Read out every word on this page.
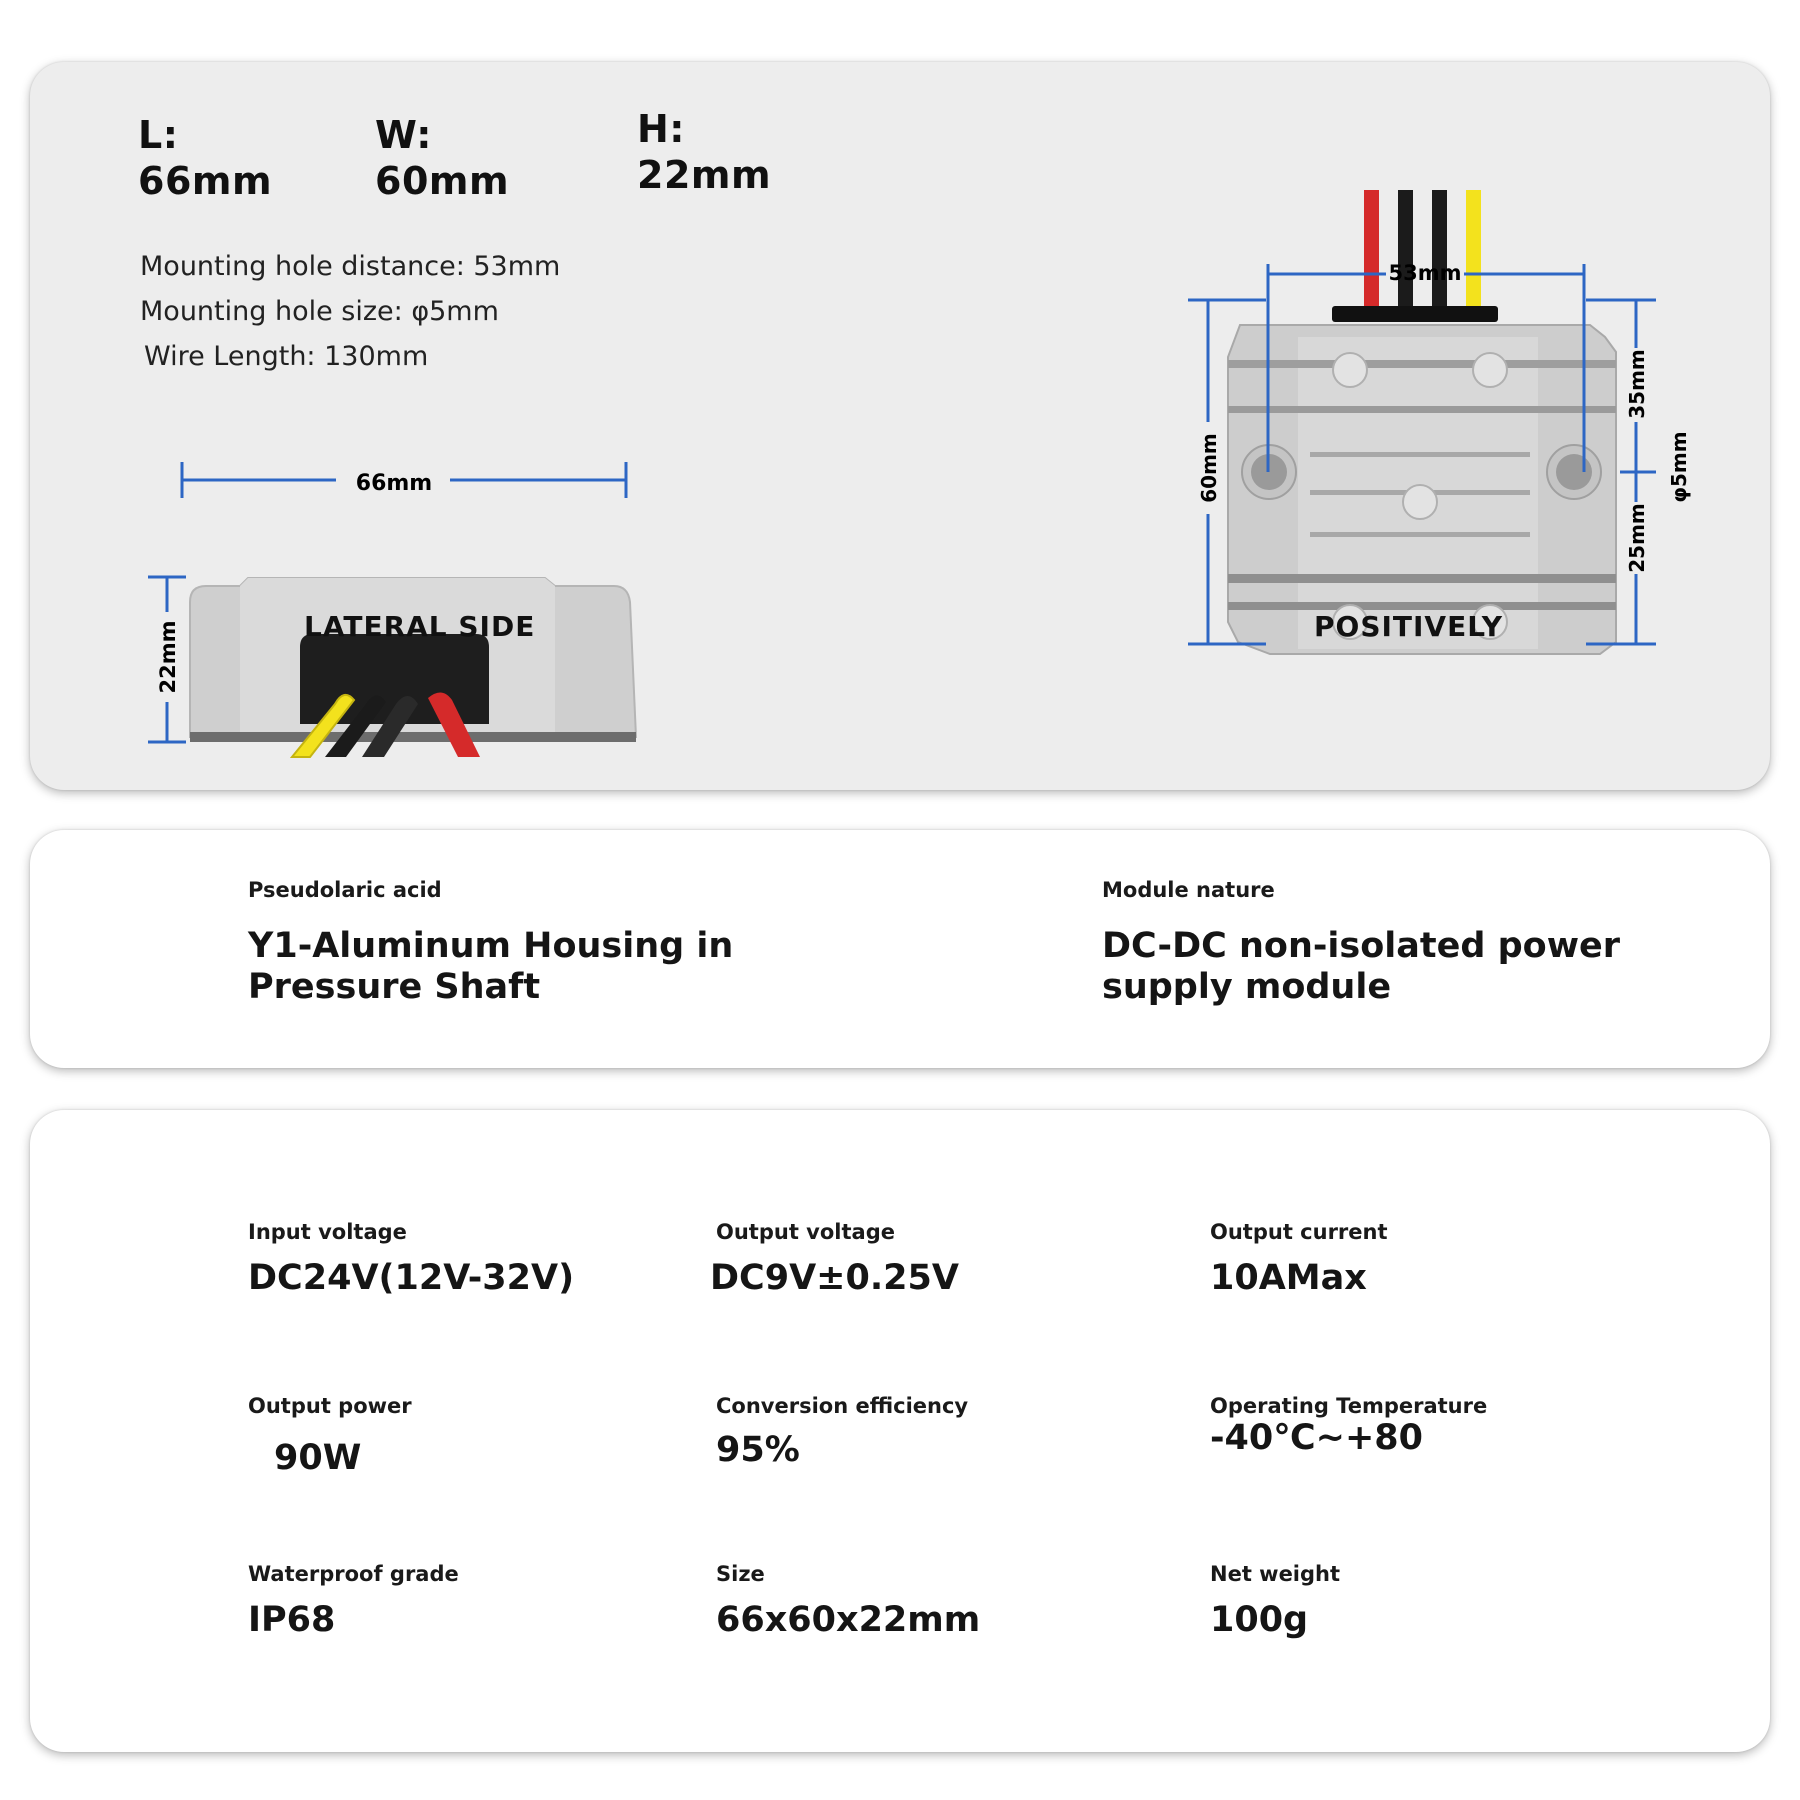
L:
66mm
W:
60mm
H:
22mm
Mounting hole distance: 53mm
Mounting hole size: φ5mm
Wire Length: 130mm
66mm
22mm	LATERAL SIDE
53mm
60mm
35mm
25mm
φ5mm
POSITIVELY
Pseudolaric acid
Y1-Aluminum Housing in
Pressure Shaft
Module nature
DC-DC non-isolated power
supply module
Input voltage
DC24V(12V-32V)
Output voltage
DC9V±0.25V
Output current
10AMax
Output power
90W
Conversion efficiency
95%
Operating Temperature
-40℃~+80
Waterproof grade
IP68
Size
66x60x22mm
Net weight
100g
